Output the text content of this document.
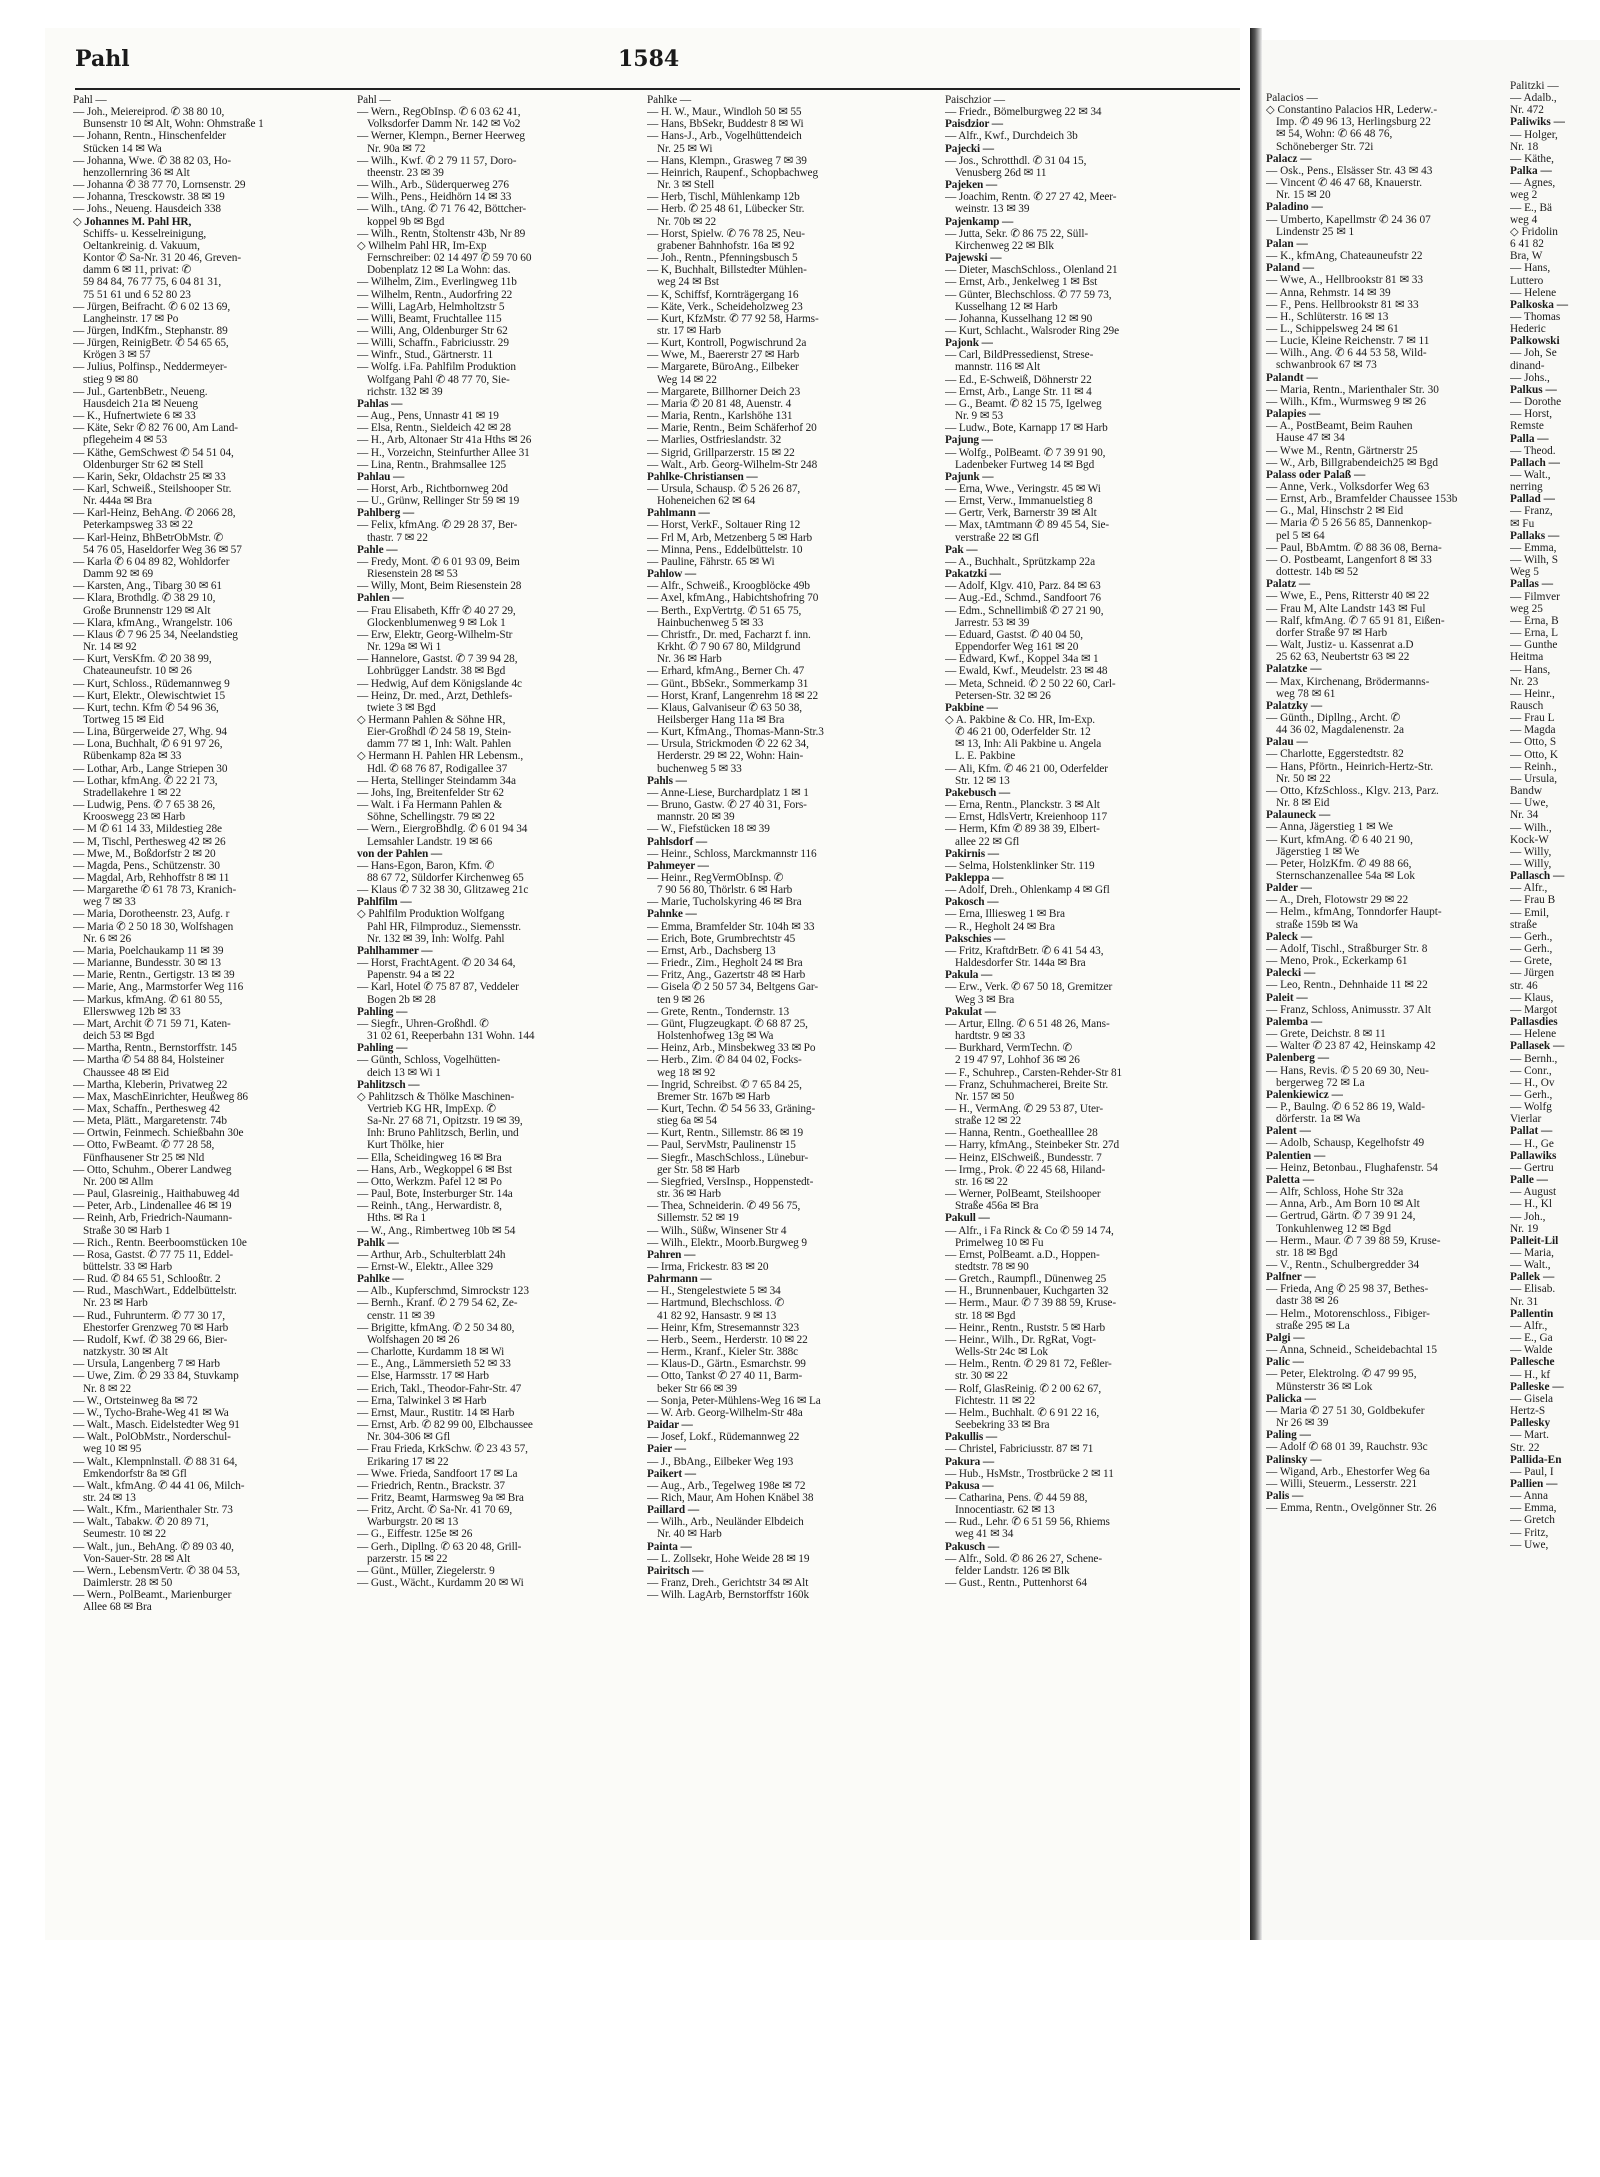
Pahl	1584
Pahl —
— Joh., Meiereiprod. ✆ 38 80 10,
Bunsenstr 10 ✉ Alt, Wohn: Ohmstraße 1
— Johann, Rentn., Hinschenfelder
Stücken 14 ✉ Wa
— Johanna, Wwe. ✆ 38 82 03, Ho-
henzollernring 36 ✉ Alt
— Johanna ✆ 38 77 70, Lornsenstr. 29
— Johanna, Tresckowstr. 38 ✉ 19
— Johs., Neueng. Hausdeich 338
◇ Johannes M. Pahl HR,
Schiffs- u. Kesselreinigung,
Oeltankreinig. d. Vakuum,
Kontor ✆ Sa-Nr. 31 20 46, Greven-
damm 6 ✉ 11, privat: ✆
59 84 84, 76 77 75, 6 04 81 31,
75 51 61 und 6 52 80 23
— Jürgen, Beifracht. ✆ 6 02 13 69,
Langheinstr. 17 ✉ Po
— Jürgen, IndKfm., Stephanstr. 89
— Jürgen, ReinigBetr. ✆ 54 65 65,
Krögen 3 ✉ 57
— Julius, Polfinsp., Neddermeyer-
stieg 9 ✉ 80
— Jul., GartenbBetr., Neueng.
Hausdeich 21a ✉ Neueng
— K., Hufnertwiete 6 ✉ 33
— Käte, Sekr ✆ 82 76 00, Am Land-
pflegeheim 4 ✉ 53
— Käthe, GemSchwest ✆ 54 51 04,
Oldenburger Str 62 ✉ Stell
— Karin, Sekr, Oldachstr 25 ✉ 33
— Karl, Schweiß., Steilshooper Str.
Nr. 444a ✉ Bra
— Karl-Heinz, BehAng. ✆ 2066 28,
Peterkampsweg 33 ✉ 22
— Karl-Heinz, BhBetrObMstr. ✆
54 76 05, Haseldorfer Weg 36 ✉ 57
— Karla ✆ 6 04 89 82, Wohldorfer
Damm 92 ✉ 69
— Karsten, Ang., Tibarg 30 ✉ 61
— Klara, Brothdlg. ✆ 38 29 10,
Große Brunnenstr 129 ✉ Alt
— Klara, kfmAng., Wrangelstr. 106
— Klaus ✆ 7 96 25 34, Neelandstieg
Nr. 14 ✉ 92
— Kurt, VersKfm. ✆ 20 38 99,
Chateauneufstr. 10 ✉ 26
— Kurt, Schloss., Rüdemannweg 9
— Kurt, Elektr., Olewischtwiet 15
— Kurt, techn. Kfm ✆ 54 96 36,
Tortweg 15 ✉ Eid
— Lina, Bürgerweide 27, Whg. 94
— Lona, Buchhalt, ✆ 6 91 97 26,
Rübenkamp 82a ✉ 33
— Lothar, Arb., Lange Striepen 30
— Lothar, kfmAng. ✆ 22 21 73,
Stradellakehre 1 ✉ 22
— Ludwig, Pens. ✆ 7 65 38 26,
Krooswegg 23 ✉ Harb
— M ✆ 61 14 33, Mildestieg 28e
— M, Tischl, Perthesweg 42 ✉ 26
— Mwe, M., Boßdorfstr 2 ✉ 20
— Magda, Pens., Schützenstr. 30
— Magdal, Arb, Rehhoffstr 8 ✉ 11
— Margarethe ✆ 61 78 73, Kranich-
weg 7 ✉ 33
— Maria, Dorotheenstr. 23, Aufg. r
— Maria ✆ 2 50 18 30, Wolfshagen
Nr. 6 ✉ 26
— Maria, Poelchaukamp 11 ✉ 39
— Marianne, Bundesstr. 30 ✉ 13
— Marie, Rentn., Gertigstr. 13 ✉ 39
— Marie, Ang., Marmstorfer Weg 116
— Markus, kfmAng. ✆ 61 80 55,
Ellerswweg 12b ✉ 33
— Mart, Archit ✆ 71 59 71, Katen-
deich 53 ✉ Bgd
— Martha, Rentn., Bernstorffstr. 145
— Martha ✆ 54 88 84, Holsteiner
Chaussee 48 ✉ Eid
— Martha, Kleberin, Privatweg 22
— Max, MaschEinrichter, Heußweg 86
— Max, Schaffn., Perthesweg 42
— Meta, Plätt., Margaretenstr. 74b
— Ortwin, Feinmech. Schießbahn 30e
— Otto, FwBeamt. ✆ 77 28 58,
Fünfhausener Str 25 ✉ Nld
— Otto, Schuhm., Oberer Landweg
Nr. 200 ✉ Allm
— Paul, Glasreinig., Haithabuweg 4d
— Peter, Arb., Lindenallee 46 ✉ 19
— Reinh, Arb, Friedrich-Naumann-
Straße 30 ✉ Harb 1
— Rich., Rentn. Beerboomstücken 10e
— Rosa, Gastst. ✆ 77 75 11, Eddel-
büttelstr. 33 ✉ Harb
— Rud. ✆ 84 65 51, Schlooßtr. 2
— Rud., MaschWart., Eddelbüttelstr.
Nr. 23 ✉ Harb
— Rud., Fuhrunterm. ✆ 77 30 17,
Ehestorfer Grenzweg 70 ✉ Harb
— Rudolf, Kwf. ✆ 38 29 66, Bier-
natzkystr. 30 ✉ Alt
— Ursula, Langenberg 7 ✉ Harb
— Uwe, Zim. ✆ 29 33 84, Stuvkamp
Nr. 8 ✉ 22
— W., Ortsteinweg 8a ✉ 72
— W., Tycho-Brahe-Weg 41 ✉ Wa
— Walt., Masch. Eidelstedter Weg 91
— Walt., PolObMstr., Norderschul-
weg 10 ✉ 95
— Walt., Klempnlnstall. ✆ 88 31 64,
Emkendorfstr 8a ✉ Gfl
— Walt., kfmAng. ✆ 44 41 06, Milch-
str. 24 ✉ 13
— Walt., Kfm., Marienthaler Str. 73
— Walt., Tabakw. ✆ 20 89 71,
Seumestr. 10 ✉ 22
— Walt., jun., BehAng. ✆ 89 03 40,
Von-Sauer-Str. 28 ✉ Alt
— Wern., LebensmVertr. ✆ 38 04 53,
Daimlerstr. 28 ✉ 50
— Wern., PolBeamt., Marienburger
Allee 68 ✉ Bra
Pahl —
— Wern., RegObInsp. ✆ 6 03 62 41,
Volksdorfer Damm Nr. 142 ✉ Vo2
— Werner, Klempn., Berner Heerweg
Nr. 90a ✉ 72
— Wilh., Kwf. ✆ 2 79 11 57, Doro-
theenstr. 23 ✉ 39
— Wilh., Arb., Süderquerweg 276
— Wilh., Pens., Heidhörn 14 ✉ 33
— Wilh., tAng. ✆ 71 76 42, Böttcher-
koppel 9b ✉ Bgd
— Wilh., Rentn, Stoltenstr 43b, Nr 89
◇ Wilhelm Pahl HR, Im-Exp
Fernschreiber: 02 14 497 ✆ 59 70 60
Dobenplatz 12 ✉ La Wohn: das.
— Wilhelm, Zim., Everlingweg 11b
— Wilhelm, Rentn., Audorfring 22
— Willi, LagArb, Helmholtzstr 5
— Willi, Beamt, Fruchtallee 115
— Willi, Ang, Oldenburger Str 62
— Willi, Schaffn., Fabriciusstr. 29
— Winfr., Stud., Gärtnerstr. 11
— Wolfg. i.Fa. Pahlfilm Produktion
Wolfgang Pahl ✆ 48 77 70, Sie-
richstr. 132 ✉ 39
Pahlas —
— Aug., Pens, Unnastr 41 ✉ 19
— Elsa, Rentn., Sieldeich 42 ✉ 28
— H., Arb, Altonaer Str 41a Hths ✉ 26
— H., Vorzeichn, Steinfurther Allee 31
— Lina, Rentn., Brahmsallee 125
Pahlau —
— Horst, Arb., Richtbornweg 20d
— U., Grünw, Rellinger Str 59 ✉ 19
Pahlberg —
— Felix, kfmAng. ✆ 29 28 37, Ber-
thastr. 7 ✉ 22
Pahle —
— Fredy, Mont. ✆ 6 01 93 09, Beim
Riesenstein 28 ✉ 53
— Willy, Mont, Beim Riesenstein 28
Pahlen —
— Frau Elisabeth, Kffr ✆ 40 27 29,
Glockenblumenweg 9 ✉ Lok 1
— Erw, Elektr, Georg-Wilhelm-Str
Nr. 129a ✉ Wi 1
— Hannelore, Gastst. ✆ 7 39 94 28,
Lohbrügger Landstr. 38 ✉ Bgd
— Hedwig, Auf dem Königslande 4c
— Heinz, Dr. med., Arzt, Dethlefs-
twiete 3 ✉ Bgd
◇ Hermann Pahlen & Söhne HR,
Eier-Großhdl ✆ 24 58 19, Stein-
damm 77 ✉ 1, Inh: Walt. Pahlen
◇ Hermann H. Pahlen HR Lebensm.,
Hdl. ✆ 68 76 87, Rodigallee 37
— Herta, Stellinger Steindamm 34a
— Johs, Ing, Breitenfelder Str 62
— Walt. i Fa Hermann Pahlen &
Söhne, Schellingstr. 79 ✉ 22
— Wern., EiergroBhdlg. ✆ 6 01 94 34
Lemsahler Landstr. 19 ✉ 66
von der Pahlen —
— Hans-Egon, Baron, Kfm. ✆
88 67 72, Süldorfer Kirchenweg 65
— Klaus ✆ 7 32 38 30, Glitzaweg 21c
Pahlfilm —
◇ Pahlfilm Produktion Wolfgang
Pahl HR, Filmproduz., Siemensstr.
Nr. 132 ✉ 39, Inh: Wolfg. Pahl
Pahlhammer —
— Horst, FrachtAgent. ✆ 20 34 64,
Papenstr. 94 a ✉ 22
— Karl, Hotel ✆ 75 87 87, Veddeler
Bogen 2b ✉ 28
Pahling —
— Siegfr., Uhren-Großhdl. ✆
31 02 61, Reeperbahn 131 Wohn. 144
Pahling —
— Günth, Schloss, Vogelhütten-
deich 13 ✉ Wi 1
Pahlitzsch —
◇ Pahlitzsch & Thölke Maschinen-
Vertrieb KG HR, ImpExp. ✆
Sa-Nr. 27 68 71, Opitzstr. 19 ✉ 39,
Inh: Bruno Pahlitzsch, Berlin, und
Kurt Thölke, hier
— Ella, Scheidingweg 16 ✉ Bra
— Hans, Arb., Wegkoppel 6 ✉ Bst
— Otto, Werkzm. Pafel 12 ✉ Po
— Paul, Bote, Insterburger Str. 14a
— Reinh., tAng., Herwardistr. 8,
Hths. ✉ Ra 1
— W., Ang., Rimbertweg 10b ✉ 54
Pahlk —
— Arthur, Arb., Schulterblatt 24h
— Ernst-W., Elektr., Allee 329
Pahlke —
— Alb., Kupferschmd, Simrockstr 123
— Bernh., Kranf. ✆ 2 79 54 62, Ze-
censtr. 11 ✉ 39
— Brigitte, kfmAng. ✆ 2 50 34 80,
Wolfshagen 20 ✉ 26
— Charlotte, Kurdamm 18 ✉ Wi
— E., Ang., Lämmersieth 52 ✉ 33
— Else, Harmsstr. 17 ✉ Harb
— Erich, Takl., Theodor-Fahr-Str. 47
— Erna, Talwinkel 3 ✉ Harb
— Ernst, Maur., Rustitr. 14 ✉ Harb
— Ernst, Arb. ✆ 82 99 00, Elbchaussee
Nr. 304-306 ✉ Gfl
— Frau Frieda, KrkSchw. ✆ 23 43 57,
Erikaring 17 ✉ 22
— Wwe. Frieda, Sandfoort 17 ✉ La
— Friedrich, Rentn., Brackstr. 37
— Fritz, Beamt, Harmsweg 9a ✉ Bra
— Fritz, Archt. ✆ Sa-Nr. 41 70 69,
Warburgstr. 20 ✉ 13
— G., Eiffestr. 125e ✉ 26
— Gerh., Dipllng. ✆ 63 20 48, Grill-
parzerstr. 15 ✉ 22
— Günt., Müller, Ziegelerstr. 9
— Gust., Wächt., Kurdamm 20 ✉ Wi
Pahlke —
— H. W., Maur., Windloh 50 ✉ 55
— Hans, BbSekr, Buddestr 8 ✉ Wi
— Hans-J., Arb., Vogelhüttendeich
Nr. 25 ✉ Wi
— Hans, Klempn., Grasweg 7 ✉ 39
— Heinrich, Raupenf., Schopbachweg
Nr. 3 ✉ Stell
— Herb, Tischl, Mühlenkamp 12b
— Herb. ✆ 25 48 61, Lübecker Str.
Nr. 70b ✉ 22
— Horst, Spielw. ✆ 76 78 25, Neu-
grabener Bahnhofstr. 16a ✉ 92
— Joh., Rentn., Pfenningsbusch 5
— K, Buchhalt, Billstedter Mühlen-
weg 24 ✉ Bst
— K, Schiffsf, Kornträgergang 16
— Käte, Verk., Scheideholzweg 23
— Kurt, KfzMstr. ✆ 77 92 58, Harms-
str. 17 ✉ Harb
— Kurt, Kontroll, Pogwischrund 2a
— Wwe, M., Baererstr 27 ✉ Harb
— Margarete, BüroAng., Eilbeker
Weg 14 ✉ 22
— Margarete, Billhorner Deich 23
— Maria ✆ 20 81 48, Auenstr. 4
— Maria, Rentn., Karlshöhe 131
— Marie, Rentn., Beim Schäferhof 20
— Marlies, Ostfrieslandstr. 32
— Sigrid, Grillparzerstr. 15 ✉ 22
— Walt., Arb. Georg-Wilhelm-Str 248
Pahlke-Christiansen —
— Ursula, Schausp. ✆ 5 26 26 87,
Hoheneichen 62 ✉ 64
Pahlmann —
— Horst, VerkF., Soltauer Ring 12
— Frl M, Arb, Metzenberg 5 ✉ Harb
— Minna, Pens., Eddelbüttelstr. 10
— Pauline, Fährstr. 65 ✉ Wi
Pahlow —
— Alfr., Schweiß., Kroogblöcke 49b
— Axel, kfmAng., Habichtshofring 70
— Berth., ExpVertrtg. ✆ 51 65 75,
Hainbuchenweg 5 ✉ 33
— Christfr., Dr. med, Facharzt f. inn.
Krkht. ✆ 7 90 67 80, Mildgrund
Nr. 36 ✉ Harb
— Erhard, kfmAng., Berner Ch. 47
— Günt., BbSekr., Sommerkamp 31
— Horst, Kranf, Langenrehm 18 ✉ 22
— Klaus, Galvaniseur ✆ 63 50 38,
Heilsberger Hang 11a ✉ Bra
— Kurt, KfmAng., Thomas-Mann-Str.3
— Ursula, Strickmoden ✆ 22 62 34,
Herderstr. 29 ✉ 22, Wohn: Hain-
buchenweg 5 ✉ 33
Pahls —
— Anne-Liese, Burchardplatz 1 ✉ 1
— Bruno, Gastw. ✆ 27 40 31, Fors-
mannstr. 20 ✉ 39
— W., Fiefstücken 18 ✉ 39
Pahlsdorf —
— Heinr., Schloss, Marckmannstr 116
Pahmeyer —
— Heinr., RegVermObInsp. ✆
7 90 56 80, Thörlstr. 6 ✉ Harb
— Marie, Tucholskyring 46 ✉ Bra
Pahnke —
— Emma, Bramfelder Str. 104h ✉ 33
— Erich, Bote, Grumbrechtstr 45
— Ernst, Arb., Dachsberg 13
— Friedr., Zim., Hegholt 24 ✉ Bra
— Fritz, Ang., Gazertstr 48 ✉ Harb
— Gisela ✆ 2 50 57 34, Beltgens Gar-
ten 9 ✉ 26
— Grete, Rentn., Tondernstr. 13
— Günt, Flugzeugkapt. ✆ 68 87 25,
Holstenhofweg 13g ✉ Wa
— Heinz, Arb., Minsbekweg 33 ✉ Po
— Herb., Zim. ✆ 84 04 02, Focks-
weg 18 ✉ 92
— Ingrid, Schreibst. ✆ 7 65 84 25,
Bremer Str. 167b ✉ Harb
— Kurt, Techn. ✆ 54 56 33, Gräning-
stieg 6a ✉ 54
— Kurt, Rentn., Sillemstr. 86 ✉ 19
— Paul, ServMstr, Paulinenstr 15
— Siegfr., MaschSchloss., Lünebur-
ger Str. 58 ✉ Harb
— Siegfried, VersInsp., Hoppenstedt-
str. 36 ✉ Harb
— Thea, Schneiderin. ✆ 49 56 75,
Sillemstr. 52 ✉ 19
— Wilh., Süßw, Winsener Str 4
— Wilh., Elektr., Moorb.Burgweg 9
Pahren —
— Irma, Frickestr. 83 ✉ 20
Pahrmann —
— H., Stengelestwiete 5 ✉ 34
— Hartmund, Blechschloss. ✆
41 82 92, Hansastr. 9 ✉ 13
— Heinr, Kfm, Stresemannstr 323
— Herb., Seem., Herderstr. 10 ✉ 22
— Herm., Kranf., Kieler Str. 388c
— Klaus-D., Gärtn., Esmarchstr. 99
— Otto, Tankst ✆ 27 40 11, Barm-
beker Str 66 ✉ 39
— Sonja, Peter-Mühlens-Weg 16 ✉ La
— W. Arb. Georg-Wilhelm-Str 48a
Paidar —
— Josef, Lokf., Rüdemannweg 22
Paier —
— J., BbAng., Eilbeker Weg 193
Paikert —
— Aug., Arb., Tegelweg 198e ✉ 72
— Rich, Maur, Am Hohen Knäbel 38
Paillard —
— Wilh., Arb., Neuländer Elbdeich
Nr. 40 ✉ Harb
Painta —
— L. Zollsekr, Hohe Weide 28 ✉ 19
Pairitsch —
— Franz, Dreh., Gerichtstr 34 ✉ Alt
— Wilh. LagArb, Bernstorffstr 160k
Paischzior —
— Friedr., Bömelburgweg 22 ✉ 34
Paisdzior —
— Alfr., Kwf., Durchdeich 3b
Pajecki —
— Jos., Schrotthdl. ✆ 31 04 15,
Venusberg 26d ✉ 11
Pajeken —
— Joachim, Rentn. ✆ 27 27 42, Meer-
weinstr. 13 ✉ 39
Pajenkamp —
— Jutta, Sekr. ✆ 86 75 22, Süll-
Kirchenweg 22 ✉ Blk
Pajewski —
— Dieter, MaschSchloss., Olenland 21
— Ernst, Arb., Jenkelweg 1 ✉ Bst
— Günter, Blechschloss. ✆ 77 59 73,
Kusselhang 12 ✉ Harb
— Johanna, Kusselhang 12 ✉ 90
— Kurt, Schlacht., Walsroder Ring 29e
Pajonk —
— Carl, BildPressedienst, Strese-
mannstr. 116 ✉ Alt
— Ed., E-Schweiß, Döhnerstr 22
— Ernst, Arb., Lange Str. 11 ✉ 4
— G., Beamt. ✆ 82 15 75, Igelweg
Nr. 9 ✉ 53
— Ludw., Bote, Karnapp 17 ✉ Harb
Pajung —
— Wolfg., PolBeamt. ✆ 7 39 91 90,
Ladenbeker Furtweg 14 ✉ Bgd
Pajunk —
— Erna, Wwe., Veringstr. 45 ✉ Wi
— Ernst, Verw., Immanuelstieg 8
— Gertr, Verk, Barnerstr 39 ✉ Alt
— Max, tAmtmann ✆ 89 45 54, Sie-
verstraße 22 ✉ Gfl
Pak —
— A., Buchhalt., Sprützkamp 22a
Pakatzki —
— Adolf, Klgv. 410, Parz. 84 ✉ 63
— Aug.-Ed., Schmd., Sandfoort 76
— Edm., Schnellimbiß ✆ 27 21 90,
Jarrestr. 53 ✉ 39
— Eduard, Gastst. ✆ 40 04 50,
Eppendorfer Weg 161 ✉ 20
— Edward, Kwf., Koppel 34a ✉ 1
— Ewald, Kwf., Meudelstr. 23 ✉ 48
— Meta, Schneid. ✆ 2 50 22 60, Carl-
Petersen-Str. 32 ✉ 26
Pakbine —
◇ A. Pakbine & Co. HR, Im-Exp.
✆ 46 21 00, Oderfelder Str. 12
✉ 13, Inh: Ali Pakbine u. Angela
L. E. Pakbine
— Ali, Kfm. ✆ 46 21 00, Oderfelder
Str. 12 ✉ 13
Pakebusch —
— Erna, Rentn., Planckstr. 3 ✉ Alt
— Ernst, HdlsVertr, Kreienhoop 117
— Herm, Kfm ✆ 89 38 39, Elbert-
allee 22 ✉ Gfl
Pakirnis —
— Selma, Holstenklinker Str. 119
Pakleppa —
— Adolf, Dreh., Ohlenkamp 4 ✉ Gfl
Pakosch —
— Erna, Illiesweg 1 ✉ Bra
— R., Hegholt 24 ✉ Bra
Pakschies —
— Fritz, KraftdrBetr. ✆ 6 41 54 43,
Haldesdorfer Str. 144a ✉ Bra
Pakula —
— Erw., Verk. ✆ 67 50 18, Gremitzer
Weg 3 ✉ Bra
Pakulat —
— Artur, Ellng. ✆ 6 51 48 26, Mans-
hardtstr. 9 ✉ 33
— Burkhard, VermTechn. ✆
2 19 47 97, Lohhof 36 ✉ 26
— F., Schuhrep., Carsten-Rehder-Str 81
— Franz, Schuhmacherei, Breite Str.
Nr. 157 ✉ 50
— H., VermAng. ✆ 29 53 87, Uter-
straße 12 ✉ 22
— Hanna, Rentn., Goethealllee 28
— Harry, kfmAng., Steinbeker Str. 27d
— Heinz, ElSchweiß., Bundesstr. 7
— Irmg., Prok. ✆ 22 45 68, Hiland-
str. 16 ✉ 22
— Werner, PolBeamt, Steilshooper
Straße 456a ✉ Bra
Pakull —
— Alfr., i Fa Rinck & Co ✆ 59 14 74,
Primelweg 10 ✉ Fu
— Ernst, PolBeamt. a.D., Hoppen-
stedtstr. 78 ✉ 90
— Gretch., Raumpfl., Dünenweg 25
— H., Brunnenbauer, Kuchgarten 32
— Herm., Maur. ✆ 7 39 88 59, Kruse-
str. 18 ✉ Bgd
— Heinr., Rentn., Ruststr. 5 ✉ Harb
— Heinr., Wilh., Dr. RgRat, Vogt-
Wells-Str 24c ✉ Lok
— Helm., Rentn. ✆ 29 81 72, Feßler-
str. 30 ✉ 22
— Rolf, GlasReinig. ✆ 2 00 62 67,
Fichtestr. 11 ✉ 22
— Helm., Buchhalt. ✆ 6 91 22 16,
Seebekring 33 ✉ Bra
Pakullis —
— Christel, Fabriciusstr. 87 ✉ 71
Pakura —
— Hub., HsMstr., Trostbrücke 2 ✉ 11
Pakusa —
— Catharina, Pens. ✆ 44 59 88,
Innocentiastr. 62 ✉ 13
— Rud., Lehr. ✆ 6 51 59 56, Rhiems
weg 41 ✉ 34
Pakusch —
— Alfr., Sold. ✆ 86 26 27, Schene-
felder Landstr. 126 ✉ Blk
— Gust., Rentn., Puttenhorst 64
Palacios —
◇ Constantino Palacios HR, Lederw.-
Imp. ✆ 49 96 13, Herlingsburg 22
✉ 54, Wohn: ✆ 66 48 76,
Schöneberger Str. 72i
Palacz —
— Osk., Pens., Elsässer Str. 43 ✉ 43
— Vincent ✆ 46 47 68, Knauerstr.
Nr. 15 ✉ 20
Paladino —
— Umberto, Kapellmstr ✆ 24 36 07
Lindenstr 25 ✉ 1
Palan —
— K., kfmAng, Chateauneufstr 22
Paland —
— Wwe, A., Hellbrookstr 81 ✉ 33
— Anna, Rehmstr. 14 ✉ 39
— F., Pens. Hellbrookstr 81 ✉ 33
— H., Schlüterstr. 16 ✉ 13
— L., Schippelsweg 24 ✉ 61
— Lucie, Kleine Reichenstr. 7 ✉ 11
— Wilh., Ang. ✆ 6 44 53 58, Wild-
schwanbrook 67 ✉ 73
Palandt —
— Maria, Rentn., Marienthaler Str. 30
— Wilh., Kfm., Wurmsweg 9 ✉ 26
Palapies —
— A., PostBeamt, Beim Rauhen
Hause 47 ✉ 34
— Wwe M., Rentn, Gärtnerstr 25
— W., Arb, Billgrabendeich25 ✉ Bgd
Palass oder Palaß —
— Anne, Verk., Volksdorfer Weg 63
— Ernst, Arb., Bramfelder Chaussee 153b
— G., Mal, Hinschstr 2 ✉ Eid
— Maria ✆ 5 26 56 85, Dannenkop-
pel 5 ✉ 64
— Paul, BbAmtm. ✆ 88 36 08, Berna-
— O. Postbeamt, Langenfort 8 ✉ 33
dottestr. 14b ✉ 52
Palatz —
— Wwe, E., Pens, Ritterstr 40 ✉ 22
— Frau M, Alte Landstr 143 ✉ Ful
— Ralf, kfmAng. ✆ 7 65 91 81, Eißen-
dorfer Straße 97 ✉ Harb
— Walt, Justiz- u. Kassenrat a.D
25 62 63, Neubertstr 63 ✉ 22
Palatzke —
— Max, Kirchenang, Brödermanns-
weg 78 ✉ 61
Palatzky —
— Günth., Dipllng., Archt. ✆
44 36 02, Magdalenenstr. 2a
Palau —
— Charlotte, Eggerstedtstr. 82
— Hans, Pförtn., Heinrich-Hertz-Str.
Nr. 50 ✉ 22
— Otto, KfzSchloss., Klgv. 213, Parz.
Nr. 8 ✉ Eid
Palauneck —
— Anna, Jägerstieg 1 ✉ We
— Kurt, kfmAng. ✆ 6 40 21 90,
Jägerstieg 1 ✉ We
— Peter, HolzKfm. ✆ 49 88 66,
Sternschanzenallee 54a ✉ Lok
Palder —
— A., Dreh, Flotowstr 29 ✉ 22
— Helm., kfmAng, Tonndorfer Haupt-
straße 159b ✉ Wa
Paleck —
— Adolf, Tischl., Straßburger Str. 8
— Meno, Prok., Eckerkamp 61
Palecki —
— Leo, Rentn., Dehnhaide 11 ✉ 22
Paleit —
— Franz, Schloss, Animusstr. 37 Alt
Palemba —
— Grete, Deichstr. 8 ✉ 11
— Walter ✆ 23 87 42, Heinskamp 42
Palenberg —
— Hans, Revis. ✆ 5 20 69 30, Neu-
bergerweg 72 ✉ La
Palenkiewicz —
— P., Baulng. ✆ 6 52 86 19, Wald-
dörferstr. 1a ✉ Wa
Palent —
— Adolb, Schausp, Kegelhofstr 49
Palentien —
— Heinz, Betonbau., Flughafenstr. 54
Paletta —
— Alfr, Schloss, Hohe Str 32a
— Anna, Arb., Am Born 10 ✉ Alt
— Gertrud, Gärtn. ✆ 7 39 91 24,
Tonkuhlenweg 12 ✉ Bgd
— Herm., Maur. ✆ 7 39 88 59, Kruse-
str. 18 ✉ Bgd
— V., Rentn., Schulbergredder 34
Palfner —
— Frieda, Ang ✆ 25 98 37, Bethes-
dastr 38 ✉ 26
— Helm., Motorenschloss., Fibiger-
straße 295 ✉ La
Palgi —
— Anna, Schneid., Scheidebachtal 15
Palic —
— Peter, Elektrolng. ✆ 47 99 95,
Münsterstr 36 ✉ Lok
Palicka —
— Maria ✆ 27 51 30, Goldbekufer
Nr 26 ✉ 39
Paling —
— Adolf ✆ 68 01 39, Rauchstr. 93c
Palinsky —
— Wigand, Arb., Ehestorfer Weg 6a
— Willi, Steuerm., Lesserstr. 221
Palis —
— Emma, Rentn., Ovelgönner Str. 26
Palitzki —
— Adalb.,
Nr. 472
Paliwiks —
— Holger,
Nr. 18
— Käthe,
Palka —
— Agnes,
weg 2
— E., Bä
weg 4
◇ Fridolin
6 41 82
Bra, W
— Hans,
Luttero
— Helene
Palkoska —
— Thomas
Hederic
Palkowski
— Joh, Se
dinand-
— Johs.,
Palkus —
— Dorothe
— Horst,
Remste
Palla —
— Theod.
Pallach —
— Walt.,
nerring
Pallad —
— Franz,
✉ Fu
Pallaks —
— Emma,
— Wilh, S
Weg 5
Pallas —
— Filmver
weg 25
— Erna, B
— Erna, L
— Gunthe
Heitma
— Hans,
Nr. 23
— Heinr.,
Rausch
— Frau L
— Magda
— Otto, S
— Otto, K
— Reinh.,
— Ursula,
Bandw
— Uwe,
Nr. 34
— Wilh.,
Kock-W
— Willy,
— Willy,
Pallasch —
— Alfr.,
— Frau B
— Emil,
straße
— Gerh.,
— Gerh.,
— Grete,
— Jürgen
str. 46
— Klaus,
— Margot
Pallasdies
— Helene
Pallasek —
— Bernh.,
— Conr.,
— H., Ov
— Gerh.,
— Wolfg
Vierlar
Pallat —
— H., Ge
Pallawiks
— Gertru
Palle —
— August
— H., Kl
— Joh.,
Nr. 19
Palleit-Lil
— Maria,
— Walt.,
Pallek —
— Elisab.
Nr. 31
Pallentin
— Alfr.,
— E., Ga
— Walde
Pallesche
— H., kf
Palleske —
— Gisela
Hertz-S
Pallesky
— Mart.
Str. 22
Pallida-En
— Paul, I
Pallien —
— Anna
— Emma,
— Gretch
— Fritz,
— Uwe,
